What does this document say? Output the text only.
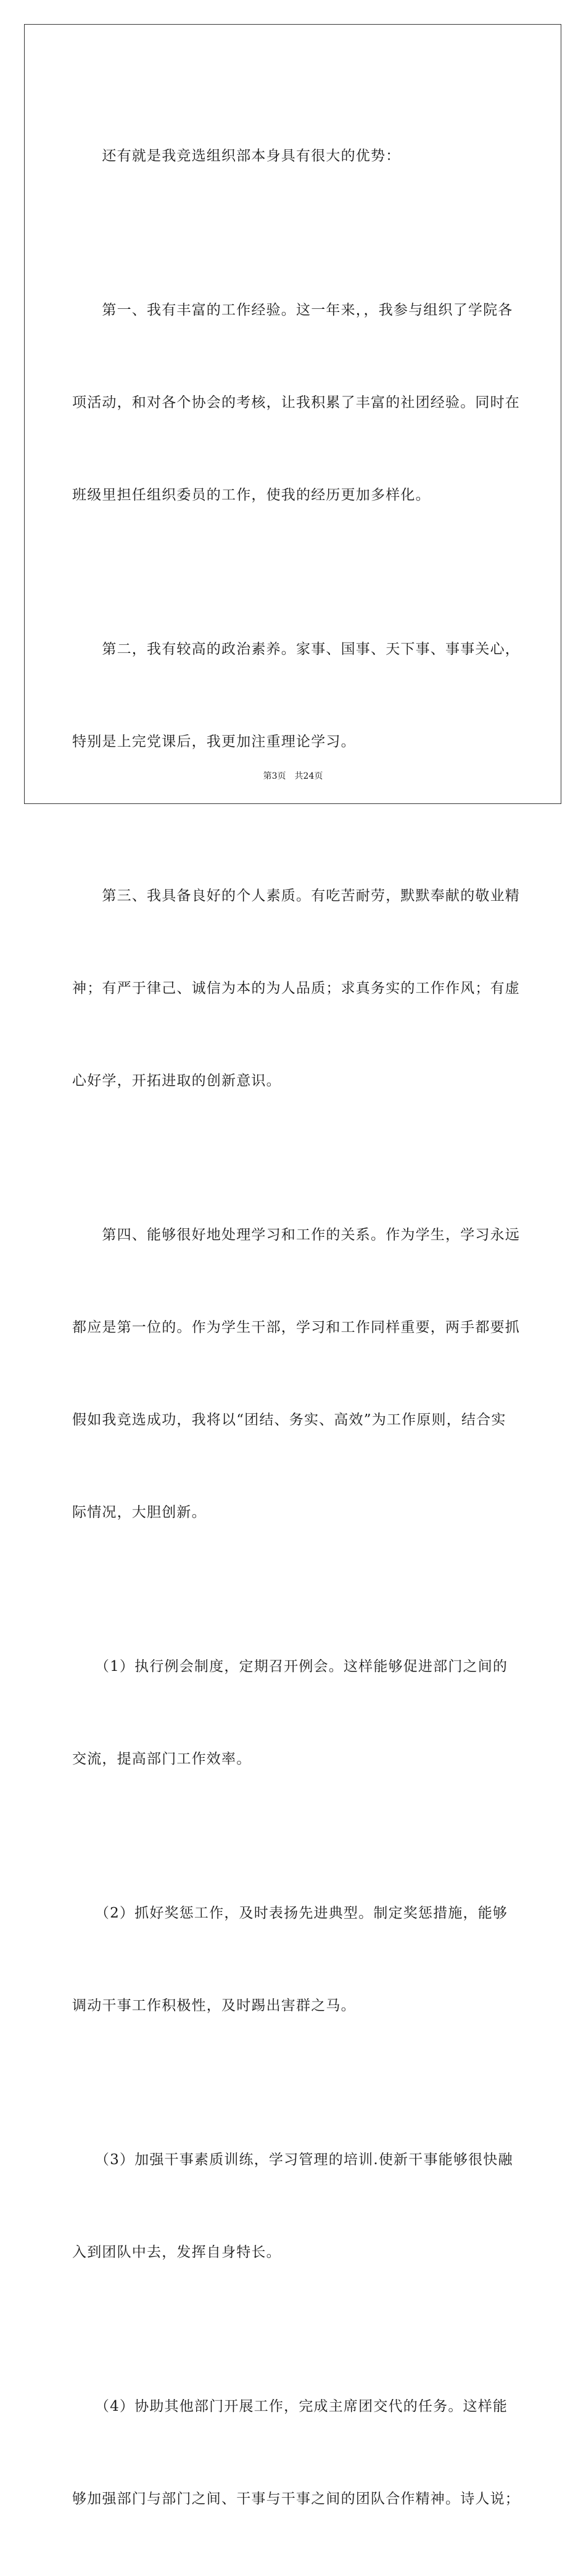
　　还有就是我竞选组织部本身具有很大的优势：

　　第一、我有丰富的工作经验。这一年来，，我参与组织了学院各

项活动，和对各个协会的考核，让我积累了丰富的社团经验。同时在

班级里担任组织委员的工作，使我的经历更加多样化。

　　第二，我有较高的政治素养。家事、国事、天下事、事事关心，

特别是上完党课后，我更加注重理论学习。

　　第三、我具备良好的个人素质。有吃苦耐劳，默默奉献的敬业精

神；有严于律己、诚信为本的为人品质；求真务实的工作作风；有虚

心好学，开拓进取的创新意识。

　　第四、能够很好地处理学习和工作的关系。作为学生，学习永远

都应是第一位的。作为学生干部，学习和工作同样重要，两手都要抓

假如我竞选成功，我将以“团结、务实、高效”为工作原则，结合实

际情况，大胆创新。

　　（1）执行例会制度，定期召开例会。这样能够促进部门之间的

交流，提高部门工作效率。

　　（2）抓好奖惩工作，及时表扬先进典型。制定奖惩措施，能够

调动干事工作积极性，及时踢出害群之马。

　　（3）加强干事素质训练，学习管理的培训.使新干事能够很快融

入到团队中去，发挥自身特长。

　　（4）协助其他部门开展工作，完成主席团交代的任务。这样能

够加强部门与部门之间、干事与干事之间的团队合作精神。诗人说；

第3页 共24页
